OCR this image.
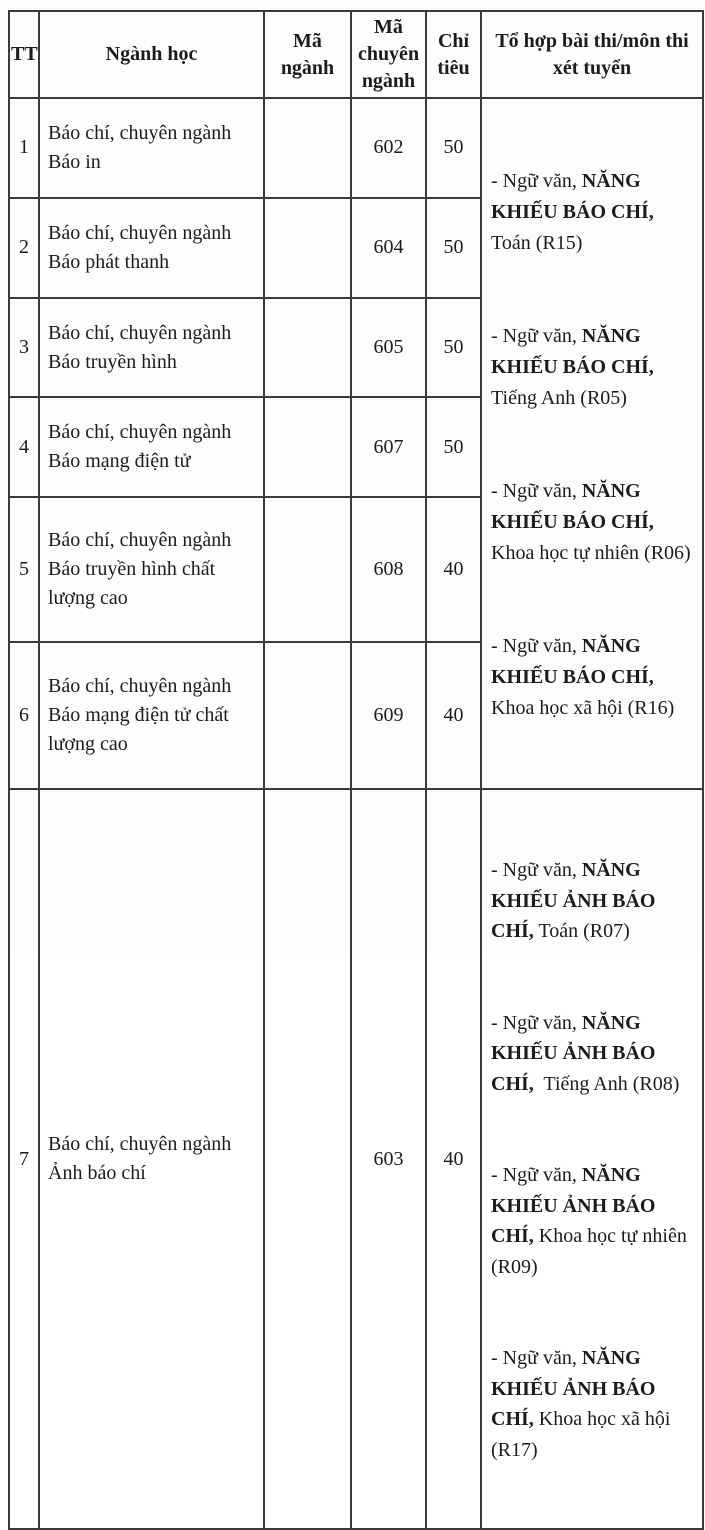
TT	Ngành học	Mã ngành	Mã chuyên ngành	Chỉ tiêu	Tổ hợp bài thi/môn thi xét tuyển
1	Báo chí, chuyên ngành Báo in		602	50	- Ngữ văn, NĂNG KHIẾU BÁO CHÍ, Toán (R15)

- Ngữ văn, NĂNG KHIẾU BÁO CHÍ,  Tiếng Anh (R05)

- Ngữ văn, NĂNG KHIẾU BÁO CHÍ, Khoa học tự nhiên (R06)

- Ngữ văn, NĂNG KHIẾU BÁO CHÍ, Khoa học xã hội (R16)

2	Báo chí, chuyên ngành Báo phát thanh		604	50	
3	Báo chí, chuyên ngành Báo truyền hình		605	50	
4	Báo chí, chuyên ngành Báo mạng điện tử		607	50	
5	Báo chí, chuyên ngành Báo truyền hình chất lượng cao		608	40	
6	Báo chí, chuyên ngành Báo mạng điện tử chất lượng cao		609	40	
7	Báo chí, chuyên ngành Ảnh báo chí		603	40	- Ngữ văn, NĂNG KHIẾU ẢNH BÁO CHÍ, Toán (R07)

- Ngữ văn, NĂNG KHIẾU ẢNH BÁO CHÍ,  Tiếng Anh (R08)

- Ngữ văn, NĂNG KHIẾU ẢNH BÁO CHÍ, Khoa học tự nhiên (R09)

- Ngữ văn, NĂNG KHIẾU ẢNH BÁO CHÍ, Khoa học xã hội (R17)
